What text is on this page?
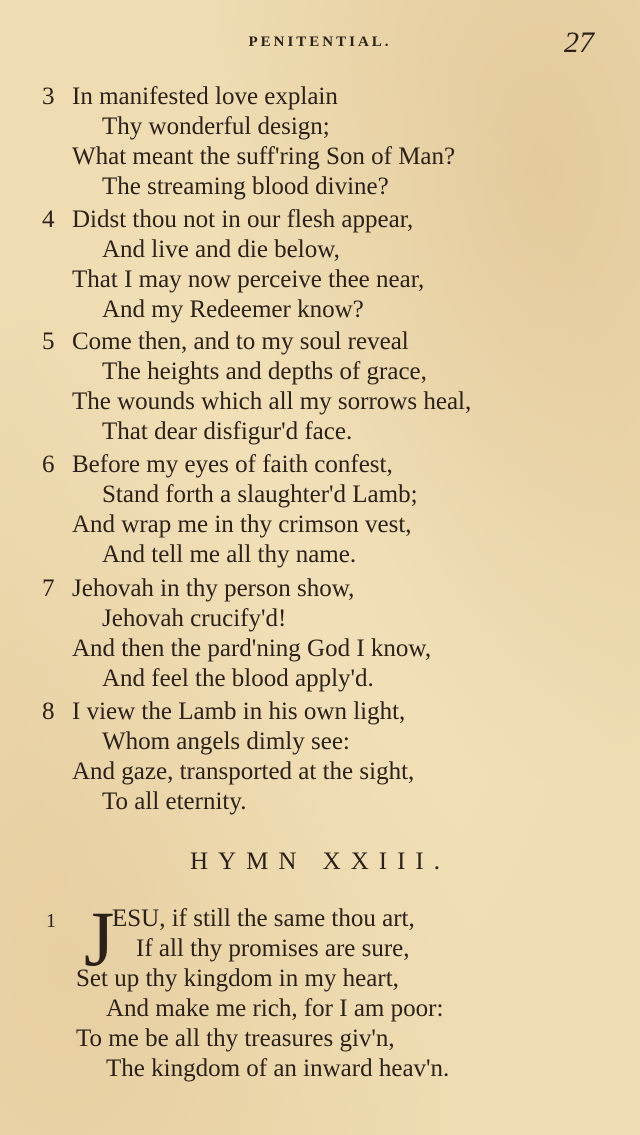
PENITENTIAL.	27
3 In manifested love explain
Thy wonderful design;
What meant the suff'ring Son of Man?
The streaming blood divine?
4 Didst thou not in our flesh appear,
And live and die below,
That I may now perceive thee near,
And my Redeemer know?
5 Come then, and to my soul reveal
The heights and depths of grace,
The wounds which all my sorrows heal,
That dear disfigur'd face.
6 Before my eyes of faith confest,
Stand forth a slaughter'd Lamb;
And wrap me in thy crimson vest,
And tell me all thy name.
7 Jehovah in thy person show,
Jehovah crucify'd!
And then the pard'ning God I know,
And feel the blood apply'd.
8 I view the Lamb in his own light,
Whom angels dimly see:
And gaze, transported at the sight,
To all eternity.
HYMN XXIII.
1 J
ESU, if still the same thou art,
If all thy promises are sure,
Set up thy kingdom in my heart,
And make me rich, for I am poor:
To me be all thy treasures giv'n,
The kingdom of an inward heav'n.
